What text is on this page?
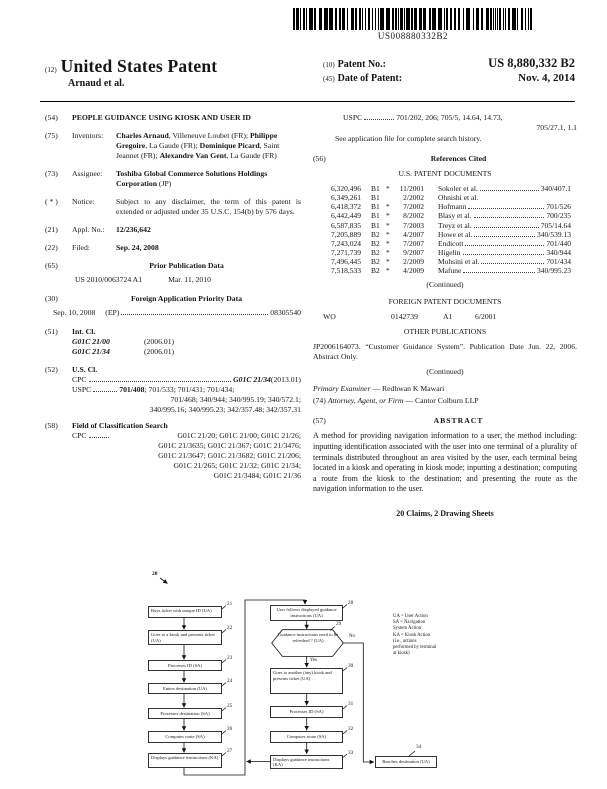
US008880332B2
(12) United States Patent
Arnaud et al.
(10) Patent No.:	US 8,880,332 B2
(45) Date of Patent:	Nov. 4, 2014
(54)	PEOPLE GUIDANCE USING KIOSK AND USER ID
(75)	Inventors:	Charles Arnaud, Villeneuve Loubet (FR); Philippe Gregoire, La Gaude (FR); Dominique Picard, Saint Jeannet (FR); Alexandre Van Gent, La Gaude (FR)
(73)	Assignee:	Toshiba Global Commerce Solutions Holdings Corporation (JP)
( * )	Notice:	Subject to any disclaimer, the term of this patent is extended or adjusted under 35 U.S.C. 154(b) by 576 days.
(21)	Appl. No.:	12/236,642
(22)	Filed:	Sep. 24, 2008
(65)	Prior Publication Data
US 2010/0063724 A1	Mar. 11, 2010
(30)	Foreign Application Priority Data
Sep. 10, 2008 (EP)	08305540
(51)	Int. Cl.
G01C 21/00	(2006.01)
G01C 21/34	(2006.01)
(52)	U.S. Cl.
CPC	G01C 21/34 (2013.01)
USPC	701/408 ; 701/533; 701/431; 701/434;
701/468; 340/944; 340/995.19; 340/572.1;
340/995.16; 340/995.23; 342/357.48; 342/357.31
(58)	Field of Classification Search
CPC	G01C 21/20; G01C 21/00; G01C 21/26;
G01C 21/3635; G01C 21/367; G01C 21/3476;
G01C 21/3647; G01C 21/3682; G01C 21/206;
G01C 21/265; G01C 21/32; G01C 21/34;
G01C 21/3484; G01C 21/36
USPC	701/202, 206; 705/5, 14.64, 14.73,
705/27.1, 1.1
See application file for complete search history.
(56)	References Cited
U.S. PATENT DOCUMENTS
6,320,496	B1 *	11/2001 Sokoler et al.	340/407.1
6,349,261	B1	2/2002 Ohnishi et al.
6,418,372	B1 *	7/2002 Hofmann	701/526
6,442,449	B1 *	8/2002 Blasy et al.	700/235
6,587,835	B1 *	7/2003 Treyz et al.	705/14.64
7,205,889	B2 *	4/2007 Howe et al.	340/539.13
7,243,024	B2 *	7/2007 Endicott	701/440
7,271,739	B2 *	9/2007 Higelin	340/944
7,496,445	B2 *	2/2009 Mohsini et al.	701/434
7,518,533	B2 *	4/2009 Mafune	340/995.23
(Continued)
FOREIGN PATENT DOCUMENTS
WO	0142739	A1	6/2001
OTHER PUBLICATIONS
JP2006164073. “Customer Guidance System”. Publication Date Jun. 22, 2006. Abstract Only.
(Continued)
Primary Examiner — Redhwan K Mawari
(74) Attorney, Agent, or Firm — Cantor Colburn LLP
(57)	ABSTRACT
A method for providing navigation information to a user, the method including: inputting identification associated with the user into one terminal of a plurality of terminals distributed throughout an area visited by the user, each terminal being located in a kiosk and operating in kiosk mode; inputting a destination; computing a route from the kiosk to the destination; and presenting the route as the navigation information to the user.
20 Claims, 2 Drawing Sheets
20
Buys ticket with unique ID (UA)
Goes to a kiosk and presents ticket (UA)
Processes ID (SA)
Enters destination (UA)
Processes destination (SA)
Computes route (SA)
Displays guidance instructions (KA)
User follows displayed guidance instructions (UA)
Guidance instructions need to be refreshed ? (UA)
Goes to another (any) kiosk and presents ticket (UA)
Processes ID (SA)
Computes route (SA)
Displays guidance instructions (KA)
Reaches destination (UA)
Yes
No
UA = User Action
SA = Navigation
System Action
KA = Kiosk Action
(i.e., actions
performed by terminal
at kiosk)
21
22
23
24
25
26
27
28
29
30
31
32
33
34
